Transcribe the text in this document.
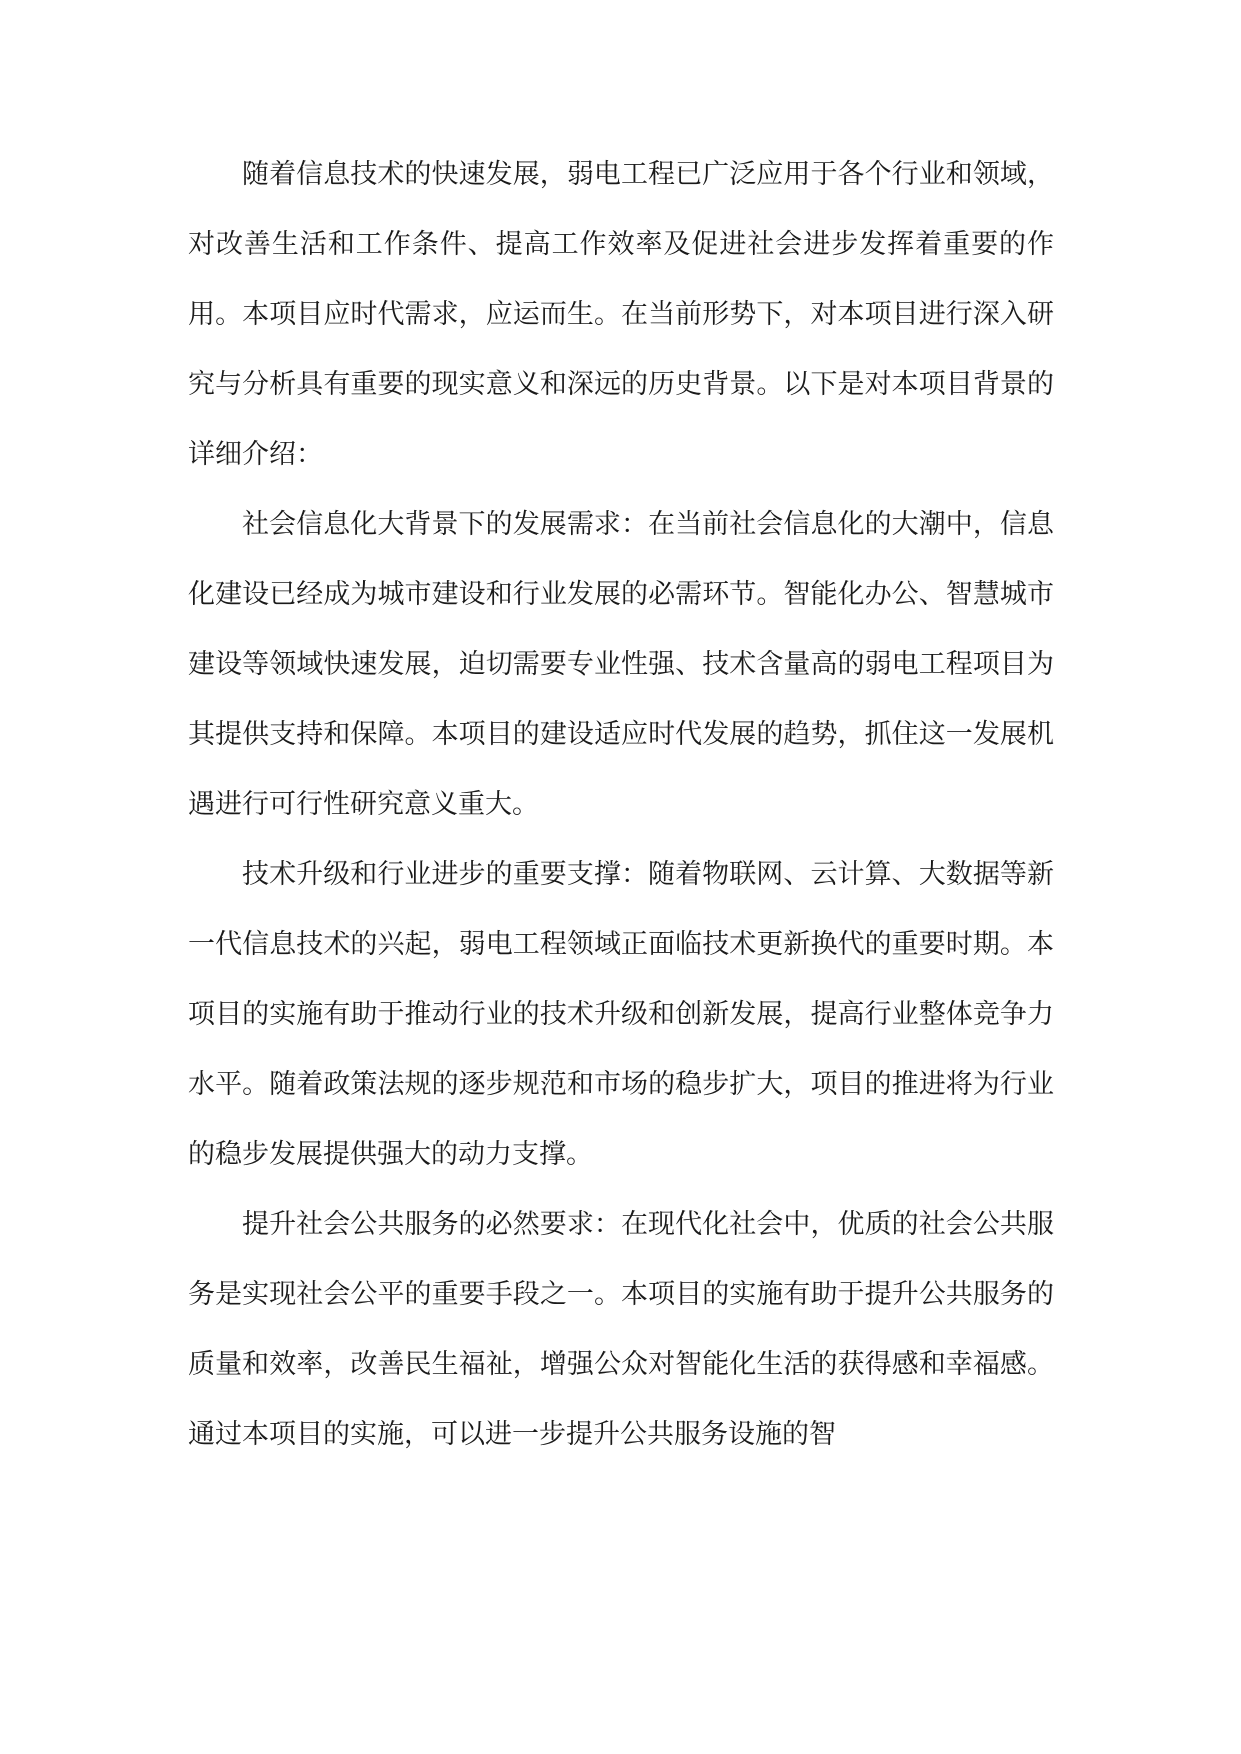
随着信息技术的快速发展，弱电工程已广泛应用于各个行业和领域，对改善生活和工作条件、提高工作效率及促进社会进步发挥着重要的作用。本项目应时代需求，应运而生。在当前形势下，对本项目进行深入研究与分析具有重要的现实意义和深远的历史背景。以下是对本项目背景的详细介绍：

社会信息化大背景下的发展需求：在当前社会信息化的大潮中，信息化建设已经成为城市建设和行业发展的必需环节。智能化办公、智慧城市建设等领域快速发展，迫切需要专业性强、技术含量高的弱电工程项目为其提供支持和保障。本项目的建设适应时代发展的趋势，抓住这一发展机遇进行可行性研究意义重大。

技术升级和行业进步的重要支撑：随着物联网、云计算、大数据等新一代信息技术的兴起，弱电工程领域正面临技术更新换代的重要时期。本项目的实施有助于推动行业的技术升级和创新发展，提高行业整体竞争力水平。随着政策法规的逐步规范和市场的稳步扩大，项目的推进将为行业的稳步发展提供强大的动力支撑。

提升社会公共服务的必然要求：在现代化社会中，优质的社会公共服务是实现社会公平的重要手段之一。本项目的实施有助于提升公共服务的质量和效率，改善民生福祉，增强公众对智能化生活的获得感和幸福感。通过本项目的实施，可以进一步提升公共服务设施的智
